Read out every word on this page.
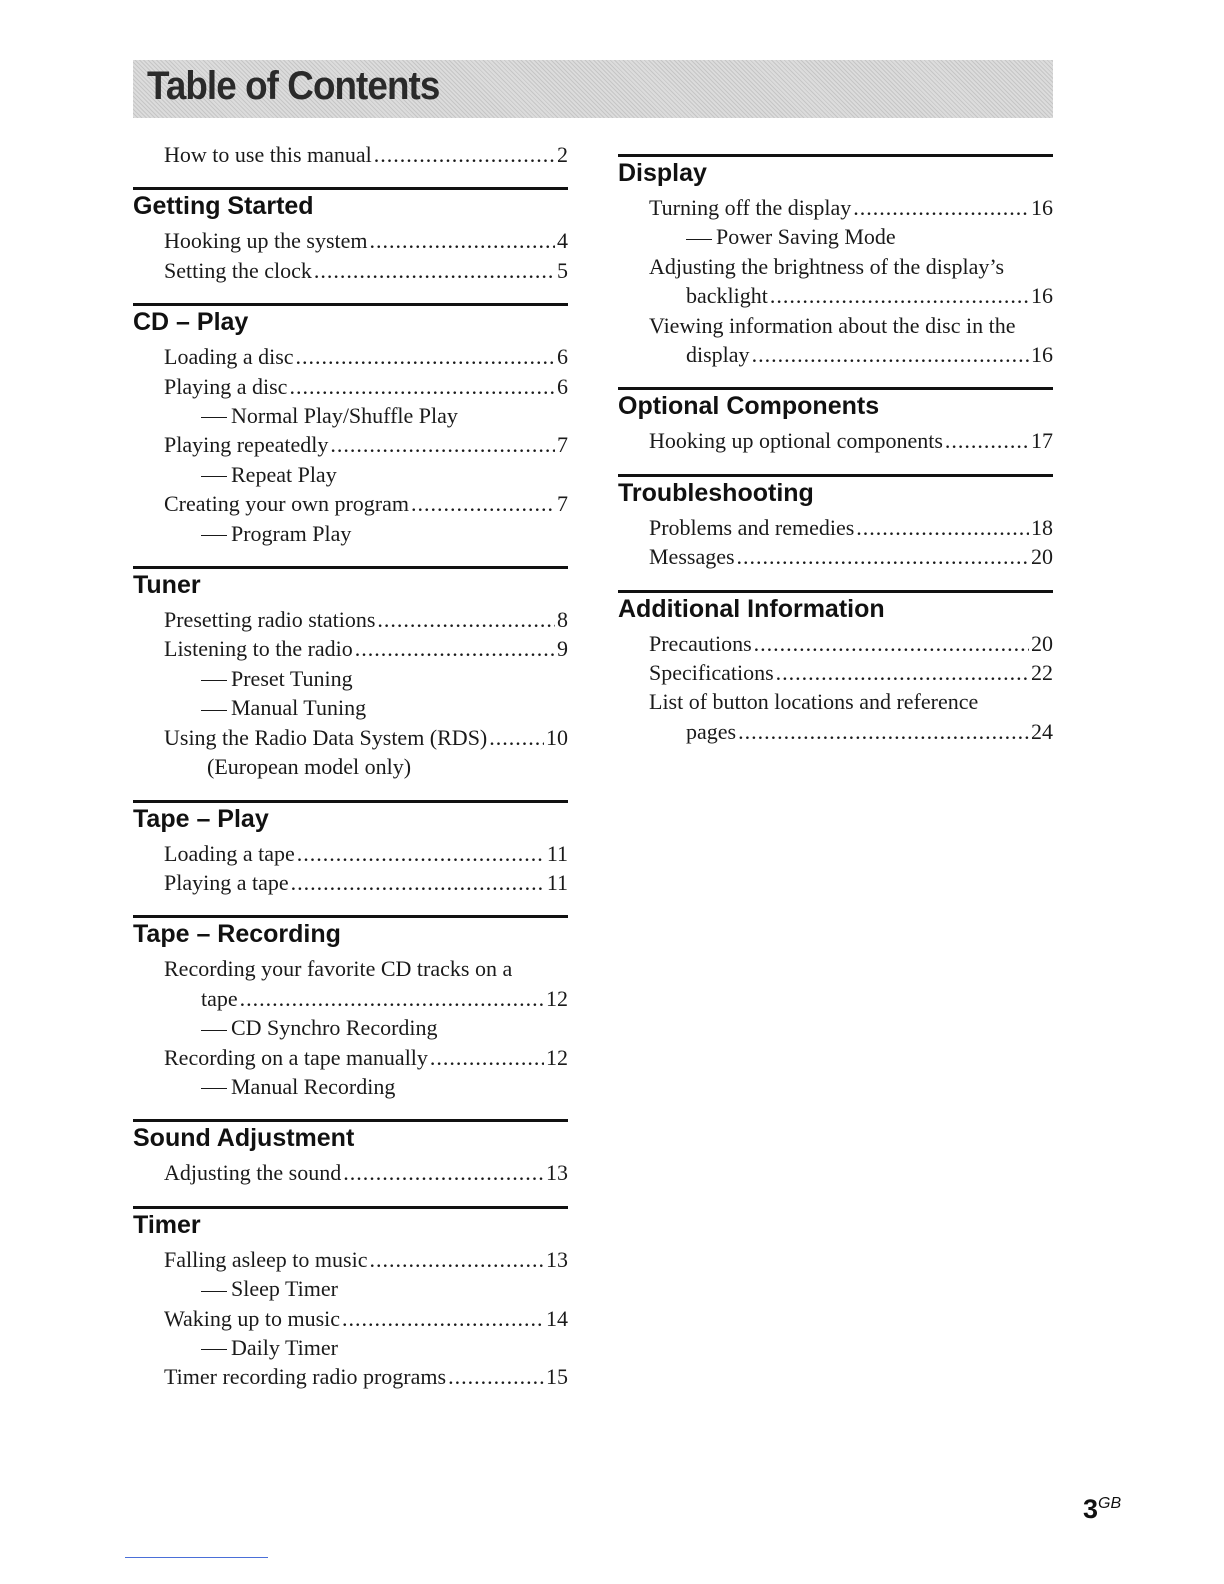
Table of Contents
How to use this manual .....	2
Getting Started
Hooking up the system .....	4
Setting the clock .....	5
CD – Play
Loading a disc .....	6
Playing a disc .....	6
Normal Play/Shuffle Play
Playing repeatedly .....	7
Repeat Play
Creating your own program .....	7
Program Play
Tuner
Presetting radio stations .....	8
Listening to the radio .....	9
Preset Tuning
Manual Tuning
Using the Radio Data System (RDS) .....	10
(European model only)
Tape – Play
Loading a tape .....	11
Playing a tape .....	11
Tape – Recording
Recording your favorite CD tracks on a
tape .....	12
CD Synchro Recording
Recording on a tape manually .....	12
Manual Recording
Sound Adjustment
Adjusting the sound .....	13
Timer
Falling asleep to music .....	13
Sleep Timer
Waking up to music .....	14
Daily Timer
Timer recording radio programs .....	15
Display
Turning off the display .....	16
Power Saving Mode
Adjusting the brightness of the display’s
backlight .....	16
Viewing information about the disc in the
display .....	16
Optional Components
Hooking up optional components .....	17
Troubleshooting
Problems and remedies .....	18
Messages .....	20
Additional Information
Precautions .....	20
Specifications .....	22
List of button locations and reference
pages .....	24
$3^{GB}$
